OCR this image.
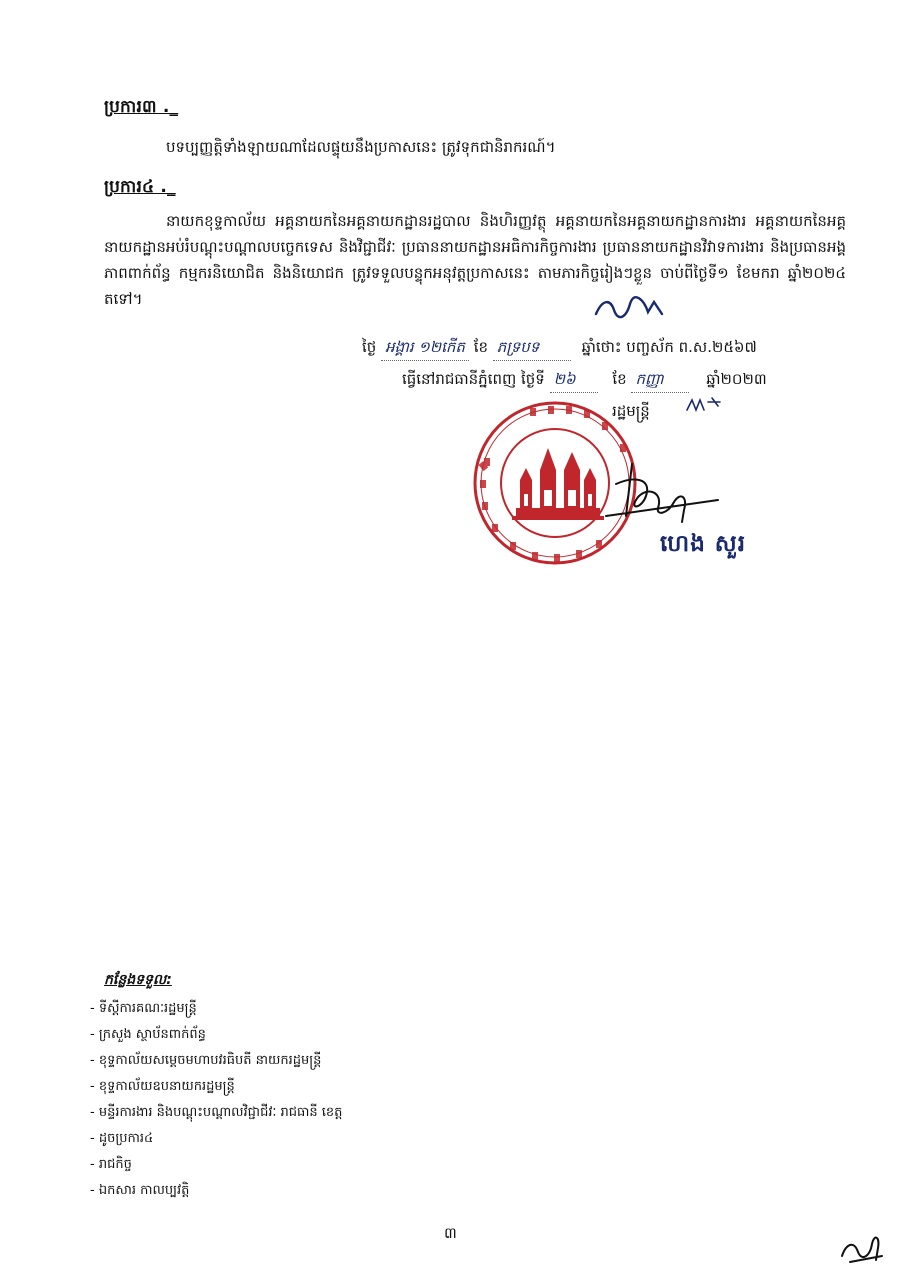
ប្រការ៣ ._
បទប្បញ្ញត្តិទាំងឡាយណាដែលផ្ទុយនឹងប្រកាសនេះ ត្រូវទុកជានិរាករណ៍។
ប្រការ៤ ._
នាយកខុទ្ទកាល័យ អគ្គនាយកនៃអគ្គនាយកដ្ឋានរដ្ឋបាល និងហិរញ្ញវត្ថុ អគ្គនាយកនៃអគ្គនាយកដ្ឋានការងារ អគ្គនាយកនៃអគ្គនាយកដ្ឋានអប់រំបណ្តុះបណ្តាលបច្ចេកទេស និងវិជ្ជាជីវៈ ប្រធាននាយកដ្ឋានអធិការកិច្ចការងារ ប្រធាននាយកដ្ឋានវិវាទការងារ និងប្រធានអង្គភាពពាក់ព័ន្ធ កម្មករនិយោជិត និងនិយោជក ត្រូវទទួលបន្ទុកអនុវត្តប្រកាសនេះ តាមភារកិច្ចរៀងៗខ្លួន ចាប់ពីថ្ងៃទី១ ខែមករា ឆ្នាំ២០២៤ តទៅ។
ថ្ងៃ អង្គារ ១២កើត ខែ ភទ្របទ	ឆ្នាំថោះ បញ្ចស័ក ព.ស.២៥៦៧
ធ្វើនៅរាជធានីភ្នំពេញ ថ្ងៃទី ២៦ ខែ កញ្ញា	ឆ្នាំ២០២៣
រដ្ឋមន្ត្រី
ហេង សួរ
កន្លែងទទួល:
- ទីស្តីការគណៈរដ្ឋមន្ត្រី
- ក្រសួង ស្ថាប័នពាក់ព័ន្ធ
- ខុទ្ទកាល័យសម្តេចមហាបវរធិបតី នាយករដ្ឋមន្ត្រី
- ខុទ្ទកាល័យឧបនាយករដ្ឋមន្ត្រី
- មន្ទីរការងារ និងបណ្តុះបណ្តាលវិជ្ជាជីវៈ រាជធានី ខេត្ត
- ដូចប្រការ៤
- រាជកិច្ច
- ឯកសារ កាលប្បវត្តិ
៣
